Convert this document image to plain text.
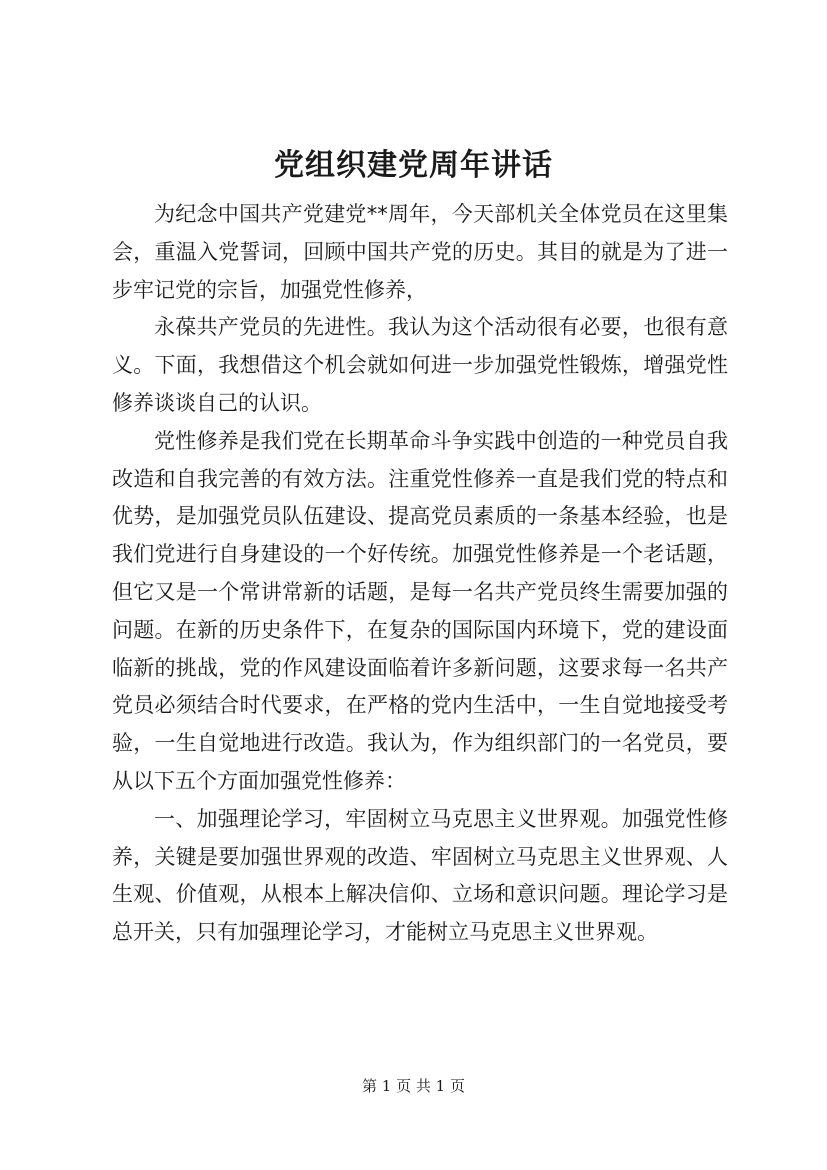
党组织建党周年讲话

为纪念中国共产党建党**周年，今天部机关全体党员在这里集会，重温入党誓词，回顾中国共产党的历史。其目的就是为了进一步牢记党的宗旨，加强党性修养，

永葆共产党员的先进性。我认为这个活动很有必要，也很有意义。下面，我想借这个机会就如何进一步加强党性锻炼，增强党性修养谈谈自己的认识。

党性修养是我们党在长期革命斗争实践中创造的一种党员自我改造和自我完善的有效方法。注重党性修养一直是我们党的特点和优势，是加强党员队伍建设、提高党员素质的一条基本经验，也是我们党进行自身建设的一个好传统。加强党性修养是一个老话题，但它又是一个常讲常新的话题，是每一名共产党员终生需要加强的问题。在新的历史条件下，在复杂的国际国内环境下，党的建设面临新的挑战，党的作风建设面临着许多新问题，这要求每一名共产党员必须结合时代要求，在严格的党内生活中，一生自觉地接受考验，一生自觉地进行改造。我认为，作为组织部门的一名党员，要从以下五个方面加强党性修养：

一、加强理论学习，牢固树立马克思主义世界观。加强党性修养，关键是要加强世界观的改造、牢固树立马克思主义世界观、人生观、价值观，从根本上解决信仰、立场和意识问题。理论学习是总开关，只有加强理论学习，才能树立马克思主义世界观。

第 1 页 共 1 页
